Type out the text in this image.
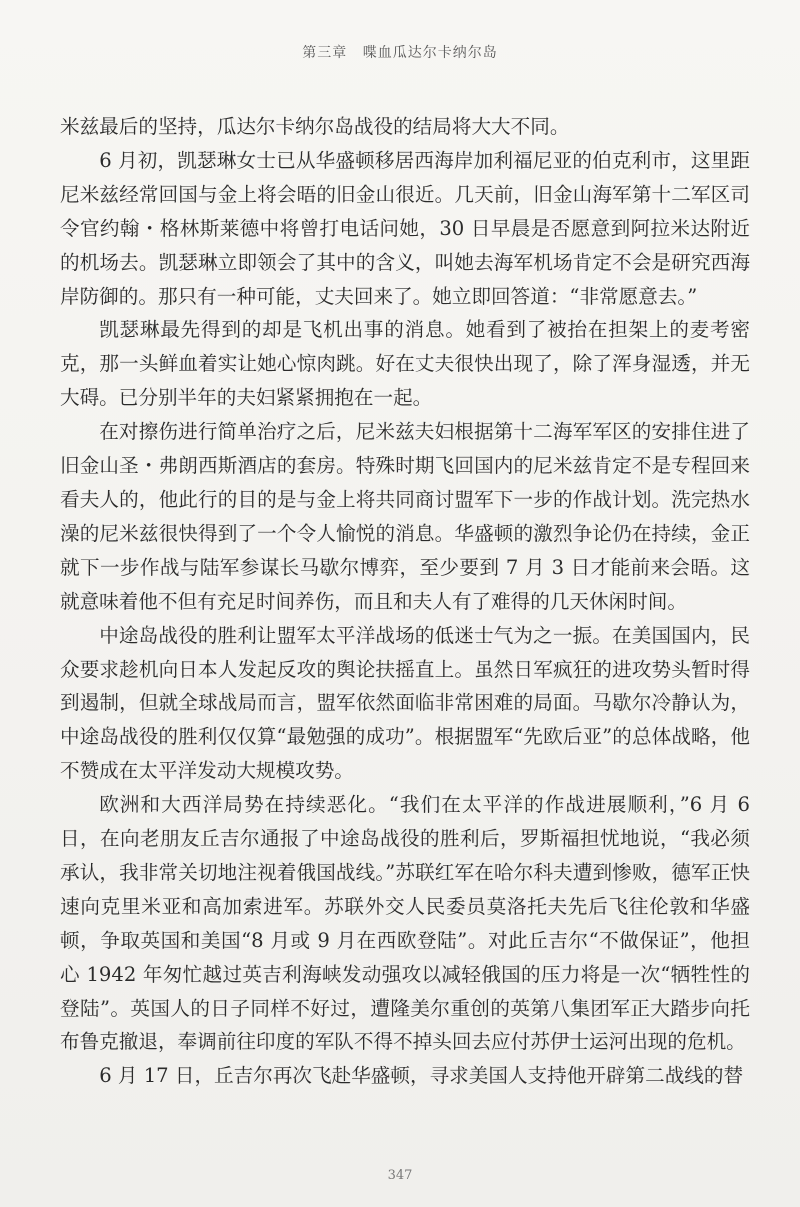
第三章 喋血瓜达尔卡纳尔岛

米兹最后的坚持，瓜达尔卡纳尔岛战役的结局将大大不同。

6 月初，凯瑟琳女士已从华盛顿移居西海岸加利福尼亚的伯克利市，这里距尼米兹经常回国与金上将会晤的旧金山很近。几天前，旧金山海军第十二军区司令官约翰・格林斯莱德中将曾打电话问她，30 日早晨是否愿意到阿拉米达附近的机场去。凯瑟琳立即领会了其中的含义，叫她去海军机场肯定不会是研究西海岸防御的。那只有一种可能，丈夫回来了。她立即回答道：“非常愿意去。”

凯瑟琳最先得到的却是飞机出事的消息。她看到了被抬在担架上的麦考密克，那一头鲜血着实让她心惊肉跳。好在丈夫很快出现了，除了浑身湿透，并无大碍。已分别半年的夫妇紧紧拥抱在一起。

在对擦伤进行简单治疗之后，尼米兹夫妇根据第十二海军军区的安排住进了旧金山圣・弗朗西斯酒店的套房。特殊时期飞回国内的尼米兹肯定不是专程回来看夫人的，他此行的目的是与金上将共同商讨盟军下一步的作战计划。洗完热水澡的尼米兹很快得到了一个令人愉悦的消息。华盛顿的激烈争论仍在持续，金正就下一步作战与陆军参谋长马歇尔博弈，至少要到 7 月 3 日才能前来会晤。这就意味着他不但有充足时间养伤，而且和夫人有了难得的几天休闲时间。

中途岛战役的胜利让盟军太平洋战场的低迷士气为之一振。在美国国内，民众要求趁机向日本人发起反攻的舆论扶摇直上。虽然日军疯狂的进攻势头暂时得到遏制，但就全球战局而言，盟军依然面临非常困难的局面。马歇尔冷静认为，中途岛战役的胜利仅仅算“最勉强的成功”。根据盟军“先欧后亚”的总体战略，他不赞成在太平洋发动大规模攻势。

欧洲和大西洋局势在持续恶化。“我们在太平洋的作战进展顺利，”6 月 6 日，在向老朋友丘吉尔通报了中途岛战役的胜利后，罗斯福担忧地说，“我必须承认，我非常关切地注视着俄国战线。”苏联红军在哈尔科夫遭到惨败，德军正快速向克里米亚和高加索进军。苏联外交人民委员莫洛托夫先后飞往伦敦和华盛顿，争取英国和美国“8 月或 9 月在西欧登陆”。对此丘吉尔“不做保证”，他担心 1942 年匆忙越过英吉利海峡发动强攻以减轻俄国的压力将是一次“牺牲性的登陆”。英国人的日子同样不好过，遭隆美尔重创的英第八集团军正大踏步向托布鲁克撤退，奉调前往印度的军队不得不掉头回去应付苏伊士运河出现的危机。

6 月 17 日，丘吉尔再次飞赴华盛顿，寻求美国人支持他开辟第二战线的替

347
